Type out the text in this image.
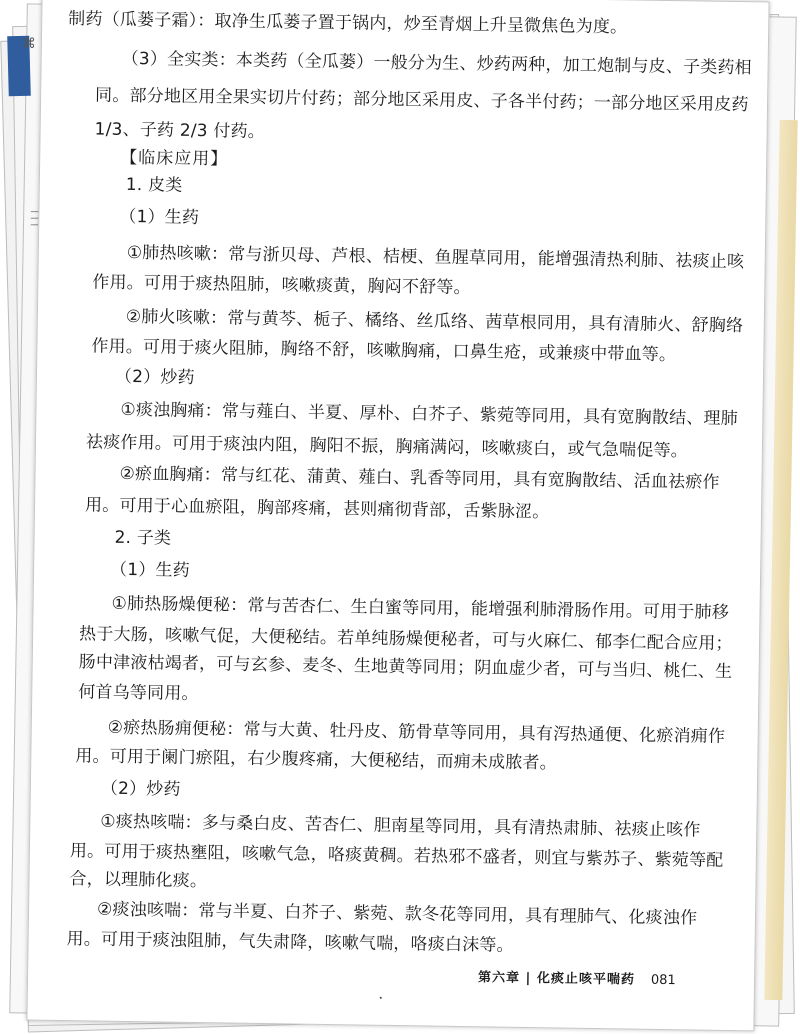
⌘
| | |
制药（瓜蒌子霜）：取净生瓜蒌子置于锅内，炒至青烟上升呈微焦色为度。
（3）全实类：本类药（全瓜蒌）一般分为生、炒药两种，加工炮制与皮、子类药相
同。部分地区用全果实切片付药；部分地区采用皮、子各半付药；一部分地区采用皮药
1/3、子药 2/3 付药。
【临床应用】
1. 皮类
（1）生药
①肺热咳嗽：常与浙贝母、芦根、桔梗、鱼腥草同用，能增强清热利肺、祛痰止咳
作用。可用于痰热阻肺，咳嗽痰黄，胸闷不舒等。
②肺火咳嗽：常与黄芩、栀子、橘络、丝瓜络、茜草根同用，具有清肺火、舒胸络
作用。可用于痰火阻肺，胸络不舒，咳嗽胸痛，口鼻生疮，或兼痰中带血等。
（2）炒药
①痰浊胸痛：常与薤白、半夏、厚朴、白芥子、紫菀等同用，具有宽胸散结、理肺
祛痰作用。可用于痰浊内阻，胸阳不振，胸痛满闷，咳嗽痰白，或气急喘促等。
②瘀血胸痛：常与红花、蒲黄、薤白、乳香等同用，具有宽胸散结、活血祛瘀作
用。可用于心血瘀阻，胸部疼痛，甚则痛彻背部，舌紫脉涩。
2. 子类
（1）生药
①肺热肠燥便秘：常与苦杏仁、生白蜜等同用，能增强利肺滑肠作用。可用于肺移
热于大肠，咳嗽气促，大便秘结。若单纯肠燥便秘者，可与火麻仁、郁李仁配合应用；
肠中津液枯竭者，可与玄参、麦冬、生地黄等同用；阴血虚少者，可与当归、桃仁、生
何首乌等同用。
②瘀热肠痈便秘：常与大黄、牡丹皮、筋骨草等同用，具有泻热通便、化瘀消痈作
用。可用于阑门瘀阻，右少腹疼痛，大便秘结，而痈未成脓者。
（2）炒药
①痰热咳喘：多与桑白皮、苦杏仁、胆南星等同用，具有清热肃肺、祛痰止咳作
用。可用于痰热壅阻，咳嗽气急，咯痰黄稠。若热邪不盛者，则宜与紫苏子、紫菀等配
合，以理肺化痰。
②痰浊咳喘：常与半夏、白芥子、紫菀、款冬花等同用，具有理肺气、化痰浊作
用。可用于痰浊阻肺，气失肃降，咳嗽气喘，咯痰白沫等。
第六章 | 化痰止咳平喘药 081
